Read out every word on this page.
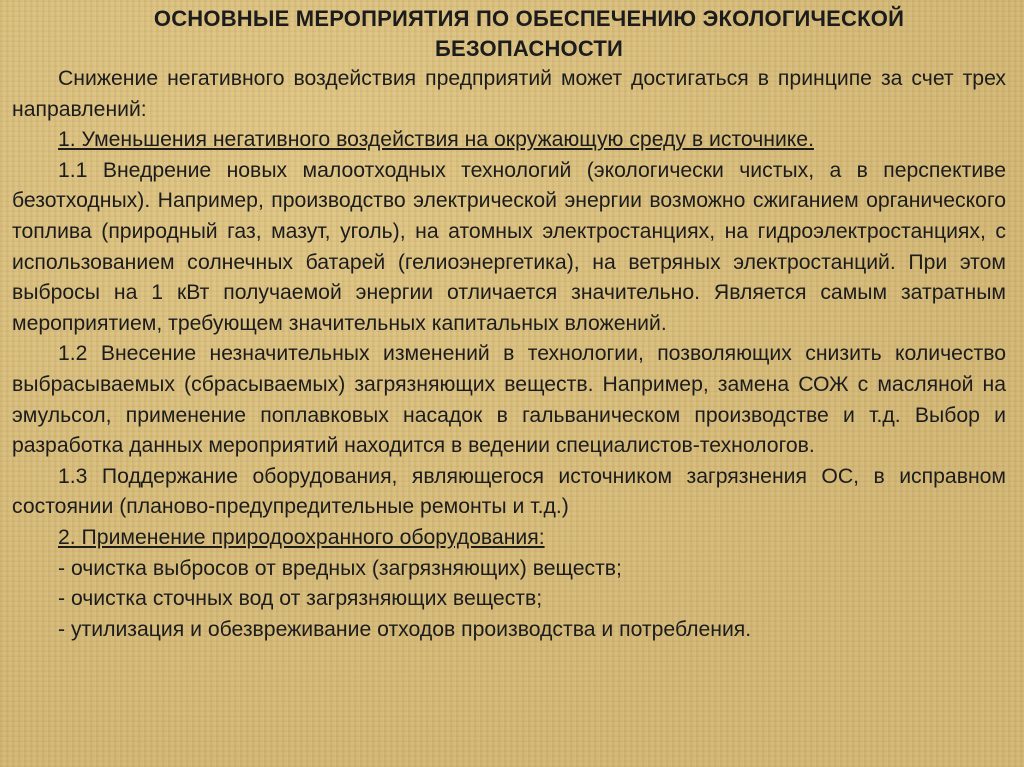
ОСНОВНЫЕ МЕРОПРИЯТИЯ ПО ОБЕСПЕЧЕНИЮ ЭКОЛОГИЧЕСКОЙ
БЕЗОПАСНОСТИ

Снижение негативного воздействия предприятий может достигаться в принципе за счет трех направлений:

1. Уменьшения негативного воздействия на окружающую среду в источнике.

1.1 Внедрение новых малоотходных технологий (экологически чистых, а в перспективе безотходных). Например, производство электрической энергии возможно сжиганием органического топлива (природный газ, мазут, уголь), на атомных электростанциях, на гидроэлектростанциях, с использованием солнечных батарей (гелиоэнергетика), на ветряных электростанций. При этом выбросы на 1 кВт получаемой энергии отличается значительно. Является самым затратным мероприятием, требующем значительных капитальных вложений.

1.2 Внесение незначительных изменений в технологии, позволяющих снизить количество выбрасываемых (сбрасываемых) загрязняющих веществ. Например, замена СОЖ с масляной на эмульсол, применение поплавковых насадок в гальваническом производстве и т.д. Выбор и разработка данных мероприятий находится в ведении специалистов-технологов.

1.3 Поддержание оборудования, являющегося источником загрязнения ОС, в исправном состоянии (планово-предупредительные ремонты и т.д.)

2. Применение природоохранного оборудования:

- очистка выбросов от вредных (загрязняющих) веществ;

- очистка сточных вод от загрязняющих веществ;

- утилизация и обезвреживание отходов производства и потребления.
